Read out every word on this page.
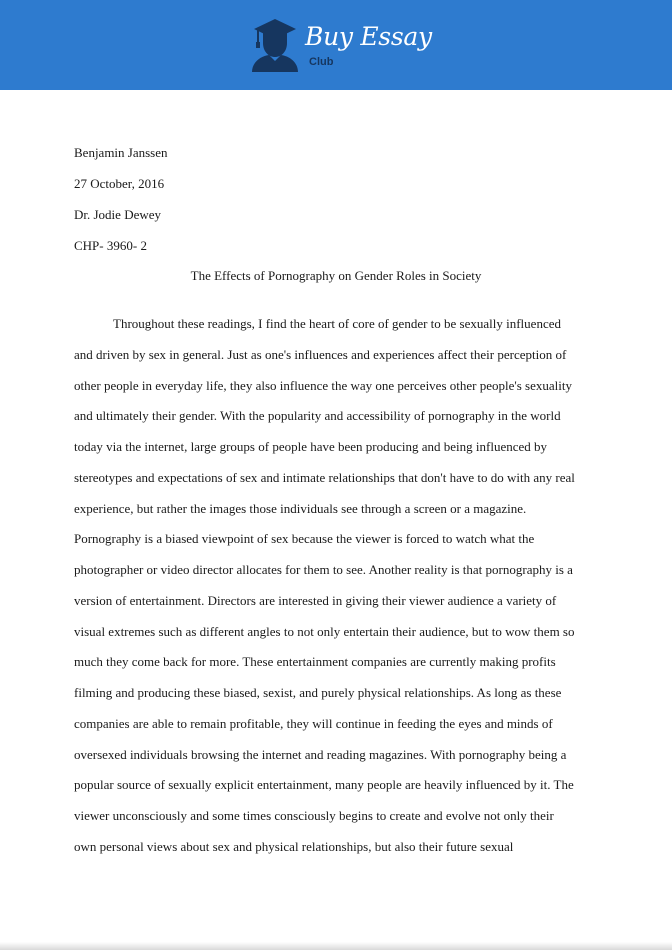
Buy Essay
Club
Benjamin Janssen
27 October, 2016
Dr. Jodie Dewey
CHP- 3960- 2
The Effects of Pornography on Gender Roles in Society
Throughout these readings, I find the heart of core of gender to be sexually influenced
and driven by sex in general. Just as one's influences and experiences affect their perception of
other people in everyday life, they also influence the way one perceives other people's sexuality
and ultimately their gender. With the popularity and accessibility of pornography in the world
today via the internet, large groups of people have been producing and being influenced by
stereotypes and expectations of sex and intimate relationships that don't have to do with any real
experience, but rather the images those individuals see through a screen or a magazine.
Pornography is a biased viewpoint of sex because the viewer is forced to watch what the
photographer or video director allocates for them to see. Another reality is that pornography is a
version of entertainment. Directors are interested in giving their viewer audience a variety of
visual extremes such as different angles to not only entertain their audience, but to wow them so
much they come back for more. These entertainment companies are currently making profits
filming and producing these biased, sexist, and purely physical relationships. As long as these
companies are able to remain profitable, they will continue in feeding the eyes and minds of
oversexed individuals browsing the internet and reading magazines. With pornography being a
popular source of sexually explicit entertainment, many people are heavily influenced by it. The
viewer unconsciously and some times consciously begins to create and evolve not only their
own personal views about sex and physical relationships, but also their future sexual
